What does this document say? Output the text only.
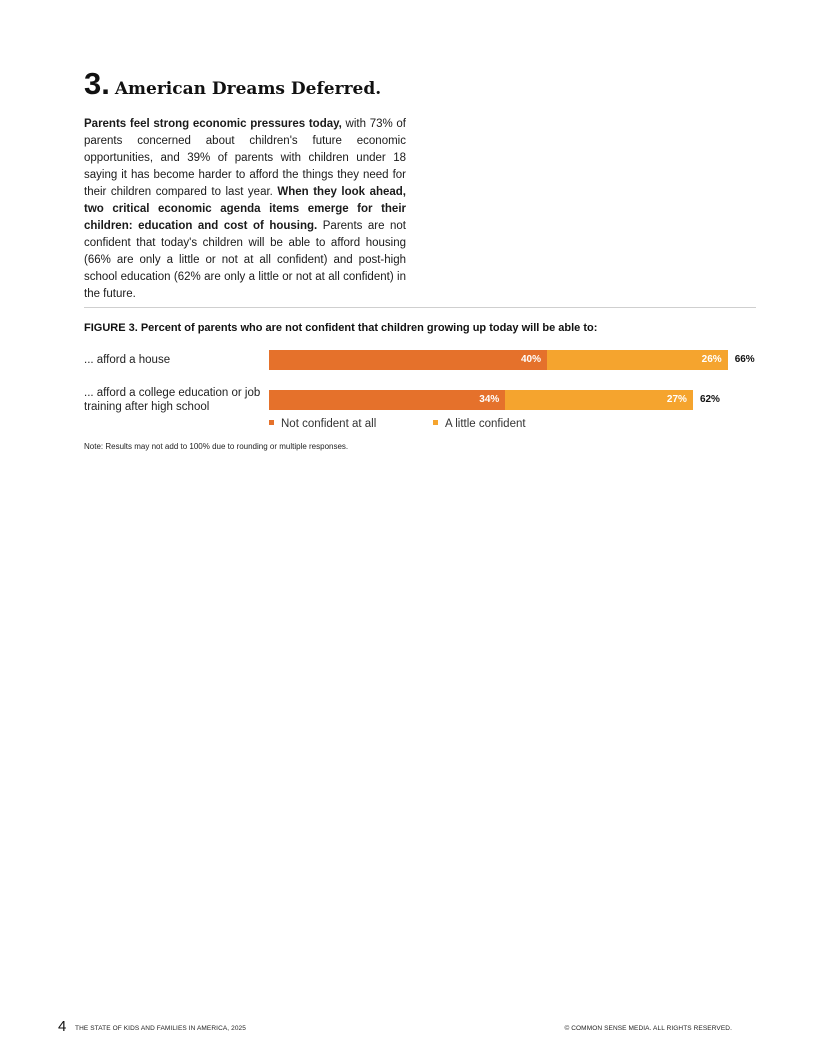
3. American Dreams Deferred.

Parents feel strong economic pressures today, with 73% of parents concerned about children's future economic opportunities, and 39% of parents with children under 18 saying it has become harder to afford the things they need for their children compared to last year. When they look ahead, two critical economic agenda items emerge for their children: education and cost of housing. Parents are not confident that today's children will be able to afford housing (66% are only a little or not at all confident) and post-high school education (62% are only a little or not at all confident) in the future.

FIGURE 3. Percent of parents who are not confident that children growing up today will be able to:
... afford a house
... afford a college education or job training after high school
40%	26% 66%
34%	27% 62%
Not confident at all	A little confident
Note: Results may not add to 100% due to rounding or multiple responses.
4 THE STATE OF KIDS AND FAMILIES IN AMERICA, 2025	© COMMON SENSE MEDIA. ALL RIGHTS RESERVED.
